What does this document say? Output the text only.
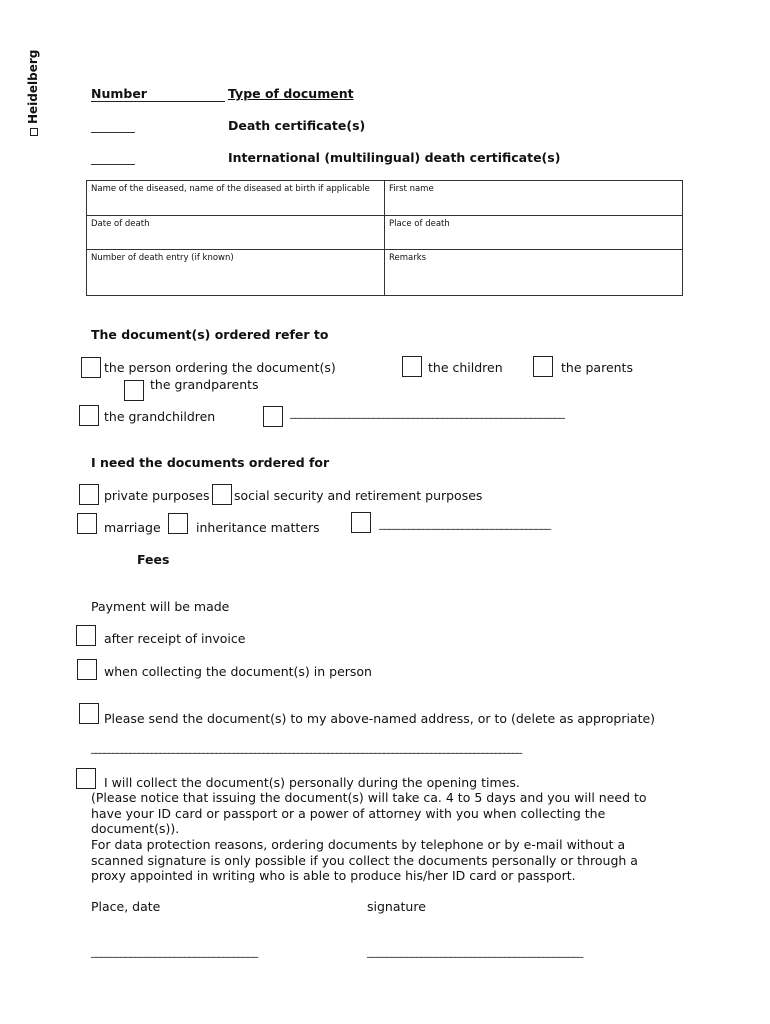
Heidelberg	Number	Type of document
_______	Death certificate(s)
_______	International (multilingual) death certificate(s)
Name of the diseased, name of the diseased at birth if applicable	First name
Date of death	Place of death
Number of death entry (if known)	Remarks
The document(s) ordered refer to
the person ordering the document(s)	the children	the parents
the grandparents
the grandchildren	________________________________________________________
I need the documents ordered for
private purposes social security and retirement purposes
marriage	inheritance matters	___________________________________
Fees
Payment will be made
after receipt of invoice
when collecting the document(s) in person
Please send the document(s) to my above-named address, or to (delete as appropriate)
____________________________________________________________________________________________________
I will collect the document(s) personally during the opening times.
(Please notice that issuing the document(s) will take ca. 4 to 5 days and you will need to have your ID card or passport or a power of attorney with you when collecting the document(s)).
For data protection reasons, ordering documents by telephone or by e-mail without a scanned signature is only possible if you collect the documents personally or through a proxy appointed in writing who is able to produce his/her ID card or passport.
Place, date	signature
__________________________________	____________________________________________
